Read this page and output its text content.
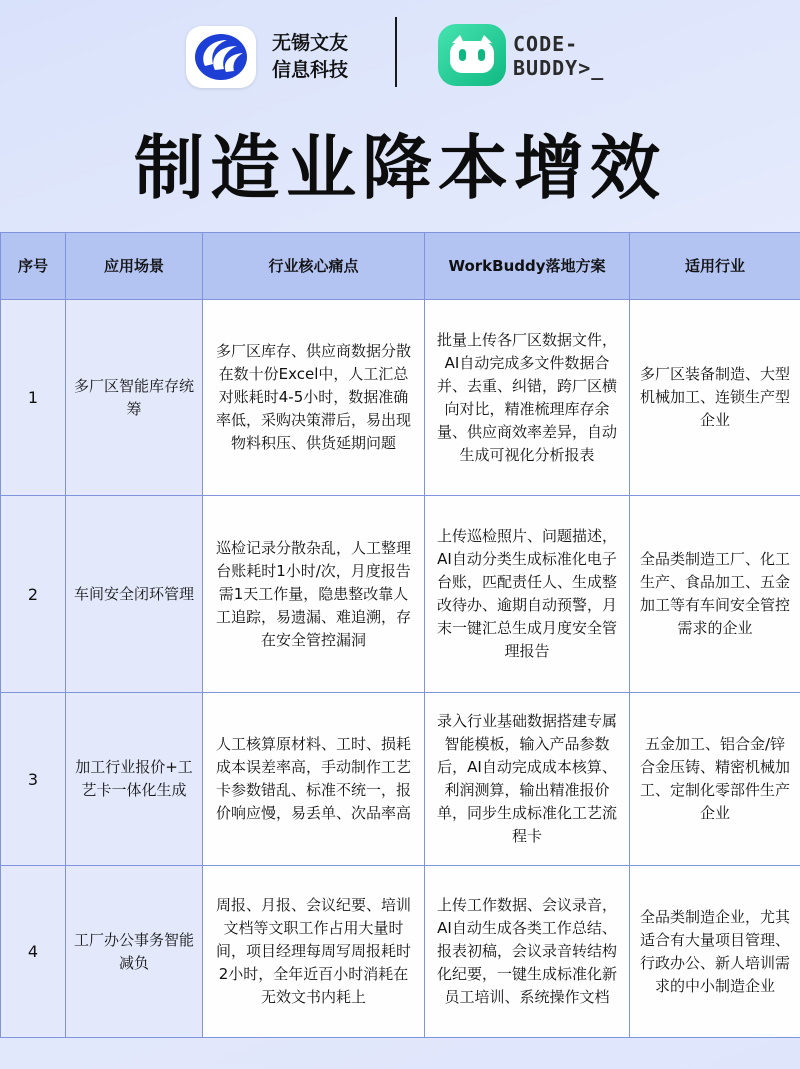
无锡文友
信息科技
CODE-
BUDDY>_
制造业降本增效
序号	应用场景	行业核心痛点	WorkBuddy落地方案	适用行业
1	多厂区智能库存统筹	多厂区库存、供应商数据分散在数十份Excel中，人工汇总对账耗时4-5小时，数据准确率低，采购决策滞后，易出现物料积压、供货延期问题	批量上传各厂区数据文件，AI自动完成多文件数据合并、去重、纠错，跨厂区横向对比，精准梳理库存余量、供应商效率差异，自动生成可视化分析报表	多厂区装备制造、大型机械加工、连锁生产型企业
2	车间安全闭环管理	巡检记录分散杂乱，人工整理台账耗时1小时/次，月度报告需1天工作量，隐患整改靠人工追踪，易遗漏、难追溯，存在安全管控漏洞	上传巡检照片、问题描述，AI自动分类生成标准化电子台账，匹配责任人、生成整改待办、逾期自动预警，月末一键汇总生成月度安全管理报告	全品类制造工厂、化工生产、食品加工、五金加工等有车间安全管控需求的企业
3	加工行业报价+工艺卡一体化生成	人工核算原材料、工时、损耗成本误差率高，手动制作工艺卡参数错乱、标准不统一，报价响应慢，易丢单、次品率高	录入行业基础数据搭建专属智能模板，输入产品参数后，AI自动完成成本核算、利润测算，输出精准报价单，同步生成标准化工艺流程卡	五金加工、铝合金/锌合金压铸、精密机械加工、定制化零部件生产企业
4	工厂办公事务智能减负	周报、月报、会议纪要、培训文档等文职工作占用大量时间，项目经理每周写周报耗时2小时，全年近百小时消耗在无效文书内耗上	上传工作数据、会议录音，AI自动生成各类工作总结、报表初稿，会议录音转结构化纪要，一键生成标准化新员工培训、系统操作文档	全品类制造企业，尤其适合有大量项目管理、行政办公、新人培训需求的中小制造企业
